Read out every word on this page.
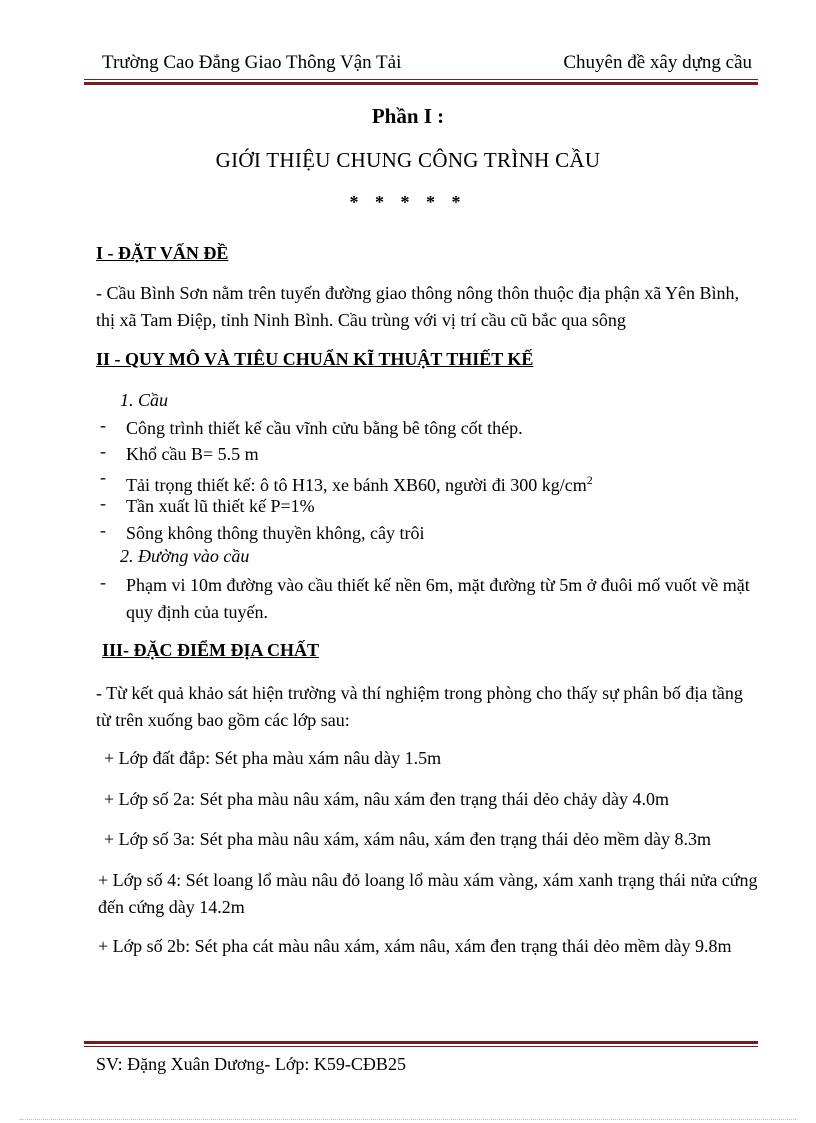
Trường Cao Đẳng Giao Thông Vận Tải	Chuyên đề xây dựng cầu
Phần I :
GIỚI THIỆU CHUNG CÔNG TRÌNH CẦU
* * * * *
I - ĐẶT VẤN ĐỀ
- Cầu Bình Sơn nằm trên tuyến đường giao thông nông thôn thuộc địa phận xã Yên Bình, thị xã Tam Điệp, tỉnh Ninh Bình. Cầu trùng với vị trí cầu cũ bắc qua sông
II - QUY MÔ VÀ TIÊU CHUẨN KĨ THUẬT THIẾT KẾ
1. Cầu
- Công trình thiết kế cầu vĩnh cửu bằng bê tông cốt thép.
- Khổ cầu B= 5.5 m
- Tải trọng thiết kế: ô tô H13, xe bánh XB60, người đi 300 $kg/cm^2$
- Tần xuất lũ thiết kế P=1%
- Sông không thông thuyền không, cây trôi
2. Đường vào cầu
- Phạm vi 10m đường vào cầu thiết kế nền 6m, mặt đường từ 5m ở đuôi mố vuốt về mặt quy định của tuyến.
III- ĐẶC ĐIỂM ĐỊA CHẤT
- Từ kết quả khảo sát hiện trường và thí nghiệm trong phòng cho thấy sự phân bố địa tầng từ trên xuống bao gồm các lớp sau:
+ Lớp đất đắp: Sét pha màu xám nâu dày 1.5m
+ Lớp số 2a: Sét pha màu nâu xám, nâu xám đen trạng thái dẻo chảy dày 4.0m
+ Lớp số 3a: Sét pha màu nâu xám, xám nâu, xám đen trạng thái dẻo mềm dày 8.3m
+ Lớp số 4: Sét loang lổ màu nâu đỏ loang lổ màu xám vàng, xám xanh trạng thái nửa cứng đến cứng dày 14.2m
+ Lớp số 2b: Sét pha cát màu nâu xám, xám nâu, xám đen trạng thái dẻo mềm dày 9.8m
SV: Đặng Xuân Dương- Lớp: K59-CĐB25
